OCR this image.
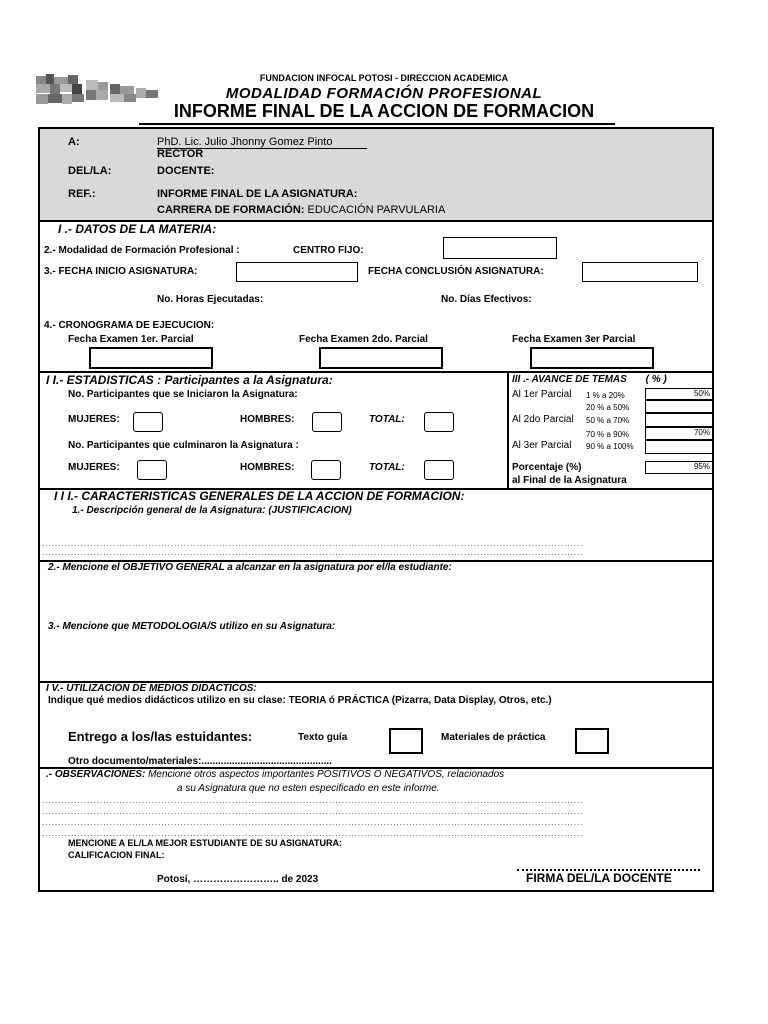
FUNDACION INFOCAL POTOSI - DIRECCION ACADEMICA
MODALIDAD FORMACIÓN PROFESIONAL
INFORME FINAL DE LA ACCION DE FORMACION
A:	PhD. Lic. Julio Jhonny Gomez Pinto
RECTOR
DEL/LA:	DOCENTE:
REF.:	INFORME FINAL DE LA ASIGNATURA:
CARRERA DE FORMACIÓN: EDUCACIÓN PARVULARIA
I .- DATOS DE LA MATERIA:
2.- Modalidad de Formación Profesional :	CENTRO FIJO:
3.- FECHA INICIO ASIGNATURA:	FECHA CONCLUSIÓN ASIGNATURA:
No. Horas Ejecutadas:	No. Días Efectivos:
4.- CRONOGRAMA DE EJECUCION:
Fecha Examen 1er. Parcial	Fecha Examen 2do. Parcial	Fecha Examen 3er Parcial
I I.- ESTADISTICAS : Participantes a la Asignatura:
No. Participantes que se Iniciaron la Asignatura:
MUJERES:	HOMBRES:	TOTAL:
No. Participantes que culminaron la Asignatura :
MUJERES:	HOMBRES:	TOTAL:
III .- AVANCE DE TEMAS ( % )
Al 1er Parcial 1 % a 20%	50%
20 % a 50%
Al 2do Parcial 50 % a 70%
70 % a 90%	70%
Al 3er Parcial 90 % a 100%
Porcentaje (%)
al Final de la Asignatura
95%
I I I.- CARACTERISTICAS GENERALES DE LA ACCION DE FORMACION:
1.- Descripción general de la Asignatura: (JUSTIFICACION)
........................................................................................................................................................................
........................................................................................................................................................................
2.- Mencione el OBJETIVO GENERAL a alcanzar en la asignatura por el/la estudiante:
3.- Mencione que METODOLOGIA/S utilizo en su Asignatura:
I V.- UTILIZACIÓN DE MEDIOS DIDÁCTICOS:
Indique qué medios didácticos utilizo en su clase: TEORIA ó PRÁCTICA (Pizarra, Data Display, Otros, etc.)
Entrego a los/las estuidantes:	Texto guía	Materiales de práctica
Otro documento/materiales:...............................................
.- OBSERVACIONES: Mencione otros aspectos importantes POSITIVOS O NEGATIVOS, relacionados
a su Asignatura que no esten especificado en este informe.
........................................................................................................................................................................
........................................................................................................................................................................
........................................................................................................................................................................
........................................................................................................................................................................
MENCIONE A EL/LA MEJOR ESTUDIANTE DE SU ASIGNATURA:
CALIFICACION FINAL:
Potosí, …………………….. de 2023	FIRMA DEL/LA DOCENTE
